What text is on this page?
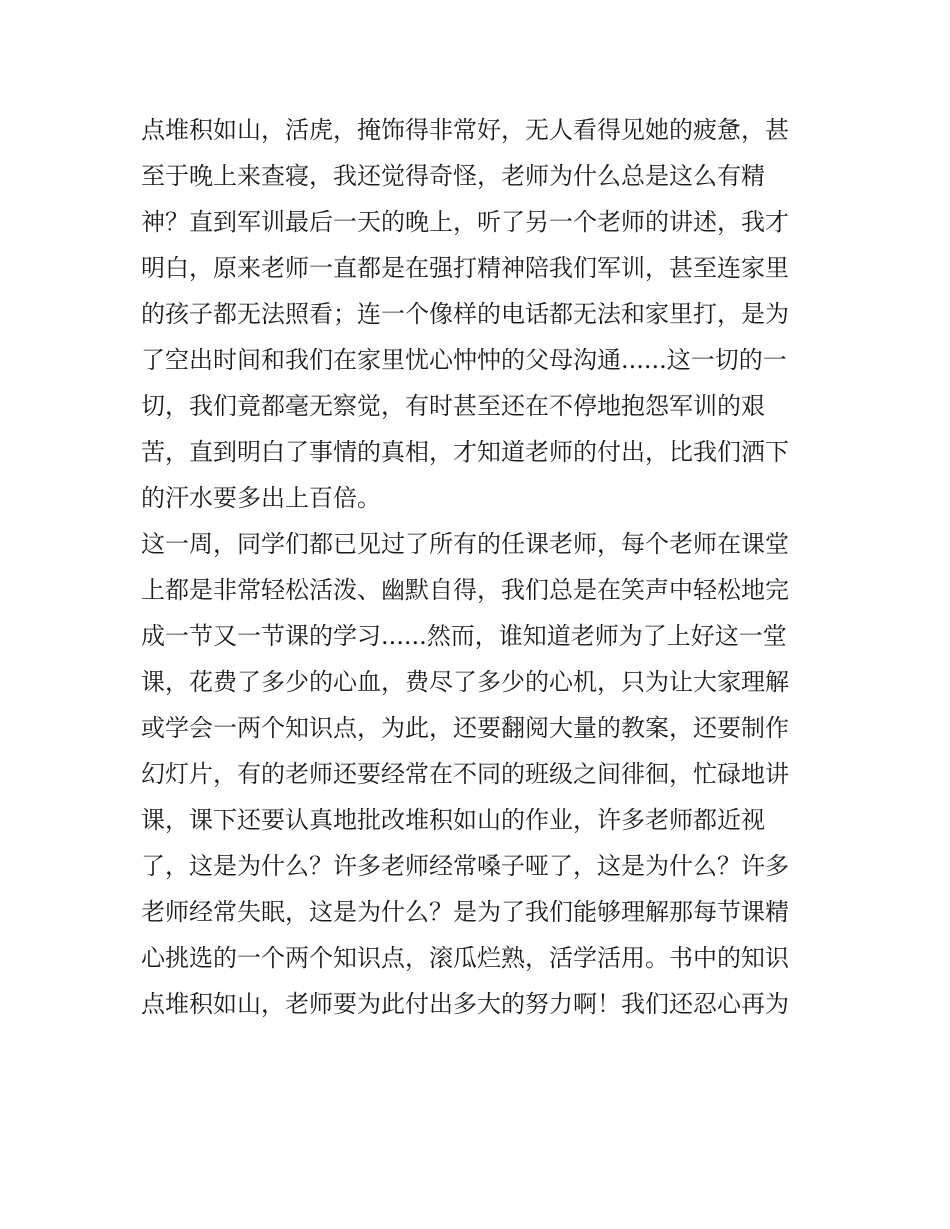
点堆积如山，活虎，掩饰得非常好，无人看得见她的疲惫，甚
至于晚上来查寝，我还觉得奇怪，老师为什么总是这么有精
神？直到军训最后一天的晚上，听了另一个老师的讲述，我才
明白，原来老师一直都是在强打精神陪我们军训，甚至连家里
的孩子都无法照看；连一个像样的电话都无法和家里打，是为
了空出时间和我们在家里忧心忡忡的父母沟通......这一切的一
切，我们竟都毫无察觉，有时甚至还在不停地抱怨军训的艰
苦，直到明白了事情的真相，才知道老师的付出，比我们洒下
的汗水要多出上百倍。
这一周，同学们都已见过了所有的任课老师，每个老师在课堂
上都是非常轻松活泼、幽默自得，我们总是在笑声中轻松地完
成一节又一节课的学习......然而，谁知道老师为了上好这一堂
课，花费了多少的心血，费尽了多少的心机，只为让大家理解
或学会一两个知识点，为此，还要翻阅大量的教案，还要制作
幻灯片，有的老师还要经常在不同的班级之间徘徊，忙碌地讲
课，课下还要认真地批改堆积如山的作业，许多老师都近视
了，这是为什么？许多老师经常嗓子哑了，这是为什么？许多
老师经常失眠，这是为什么？是为了我们能够理解那每节课精
心挑选的一个两个知识点，滚瓜烂熟，活学活用。书中的知识
点堆积如山，老师要为此付出多大的努力啊！我们还忍心再为
